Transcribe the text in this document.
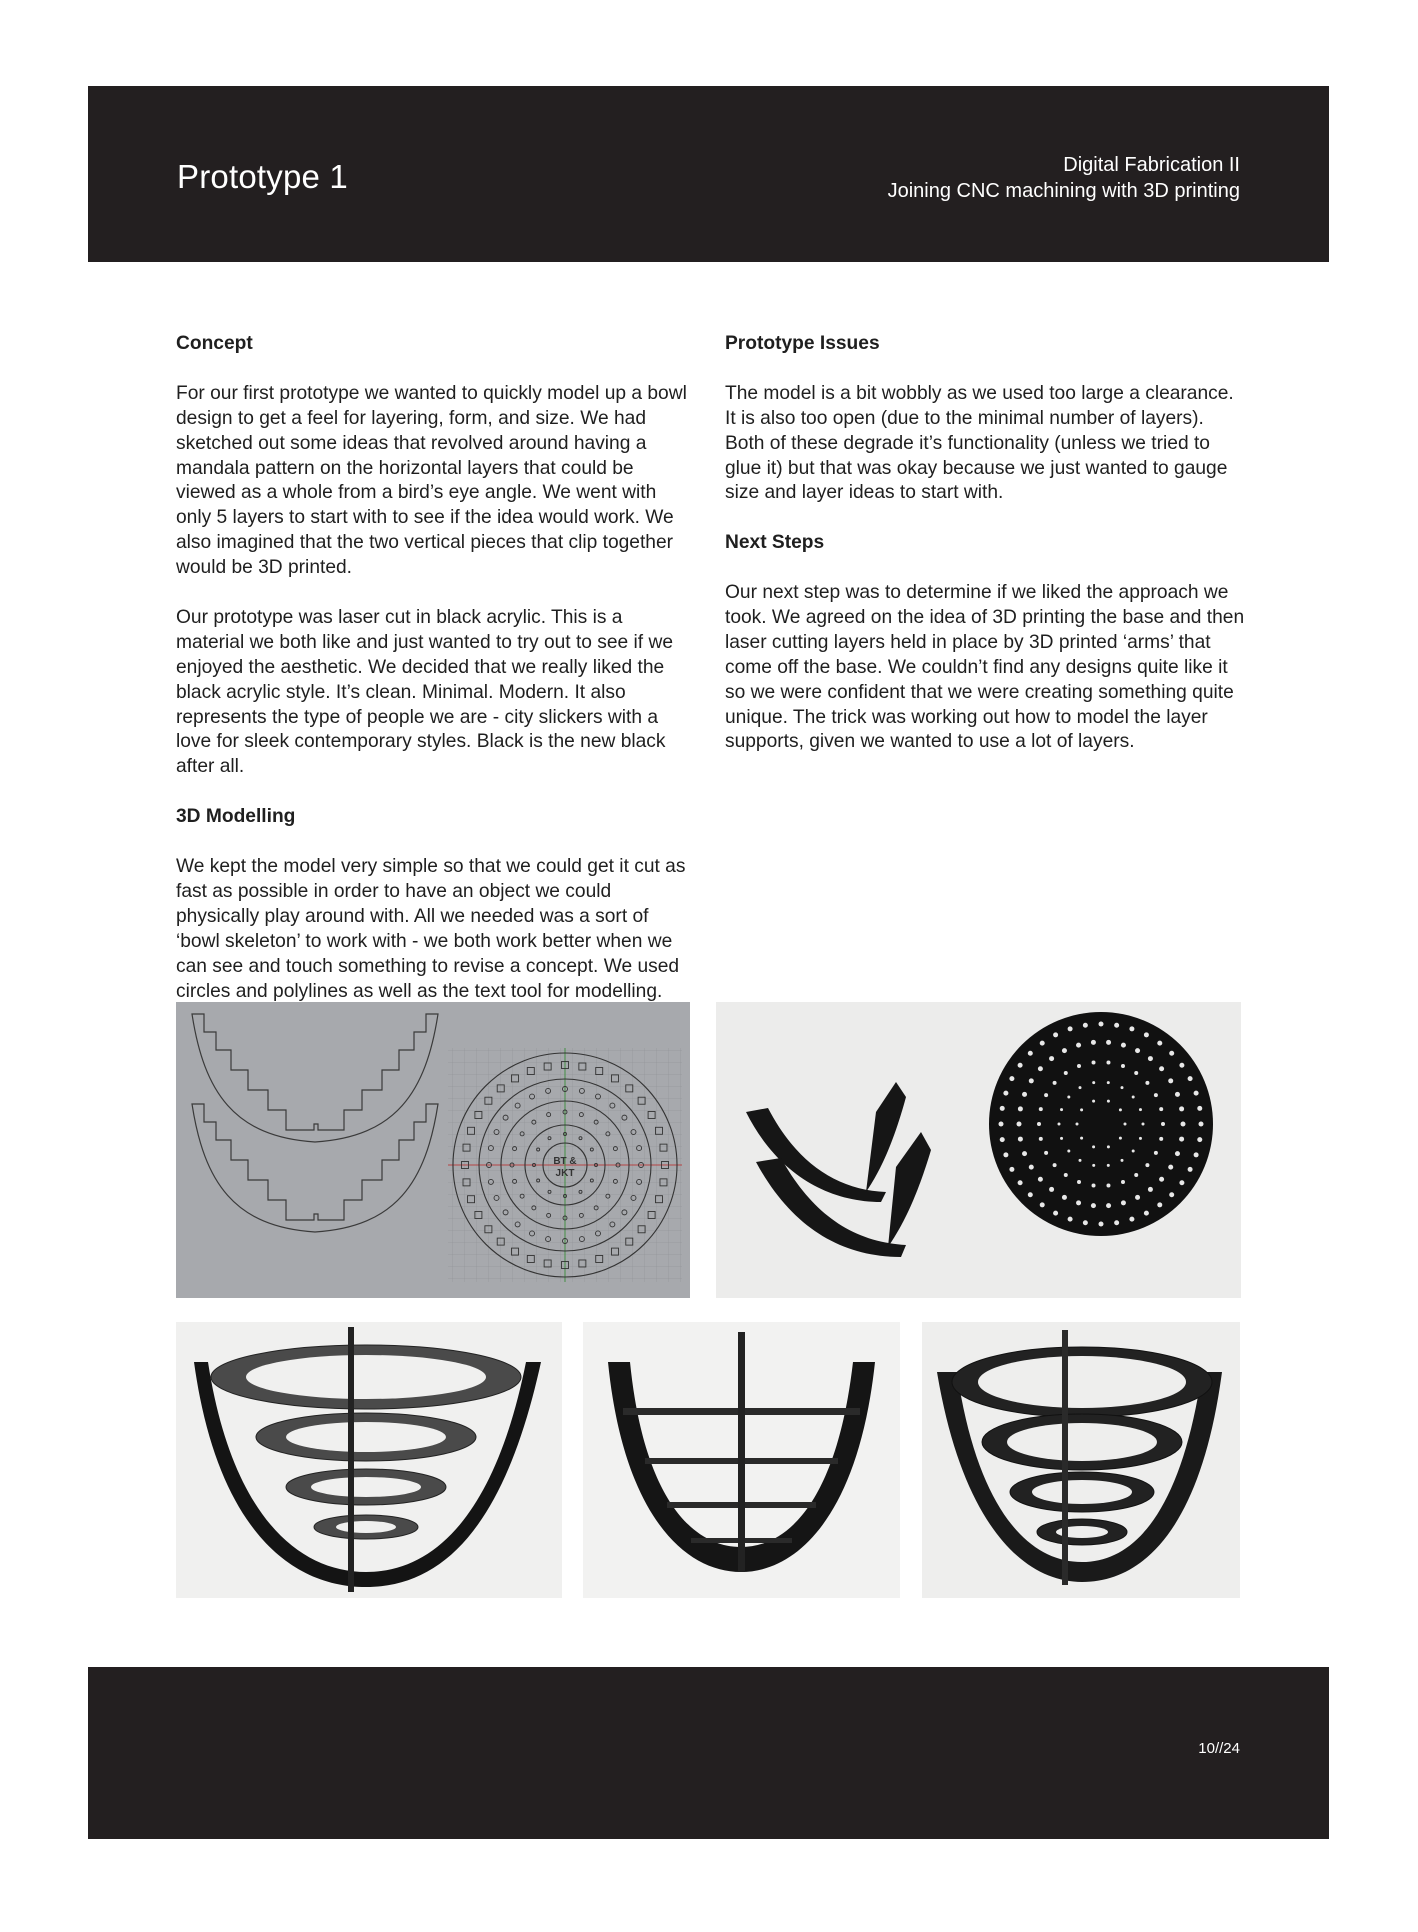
Prototype 1	Digital Fabrication II
Joining CNC machining with 3D printing
Concept

For our first prototype we wanted to quickly model up a bowl design to get a feel for layering, form, and size. We had sketched out some ideas that revolved around having a mandala pattern on the horizontal layers that could be viewed as a whole from a bird’s eye angle. We went with only 5 layers to start with to see if the idea would work. We also imagined that the two vertical pieces that clip together would be 3D printed.

Our prototype was laser cut in black acrylic. This is a material we both like and just wanted to try out to see if we enjoyed the aesthetic. We decided that we really liked the black acrylic style. It’s clean. Minimal. Modern. It also represents the type of people we are - city slickers with a love for sleek contemporary styles. Black is the new black after all.

3D Modelling

We kept the model very simple so that we could get it cut as fast as possible in order to have an object we could physically play around with. All we needed was a sort of ‘bowl skeleton’ to work with - we both work better when we can see and touch something to revise a concept. We used circles and polylines as well as the text tool for modelling.

Prototype Issues

The model is a bit wobbly as we used too large a clearance. It is also too open (due to the minimal number of layers). Both of these degrade it’s functionality (unless we tried to glue it) but that was okay because we just wanted to gauge size and layer ideas to start with.

Next Steps

Our next step was to determine if we liked the approach we took. We agreed on the idea of 3D printing the base and then laser cutting layers held in place by 3D printed ‘arms’ that come off the base. We couldn’t find any designs quite like it so we were confident that we were creating something quite unique. The trick was working out how to model the layer supports, given we wanted to use a lot of layers.

BT &
JKT
10//24
